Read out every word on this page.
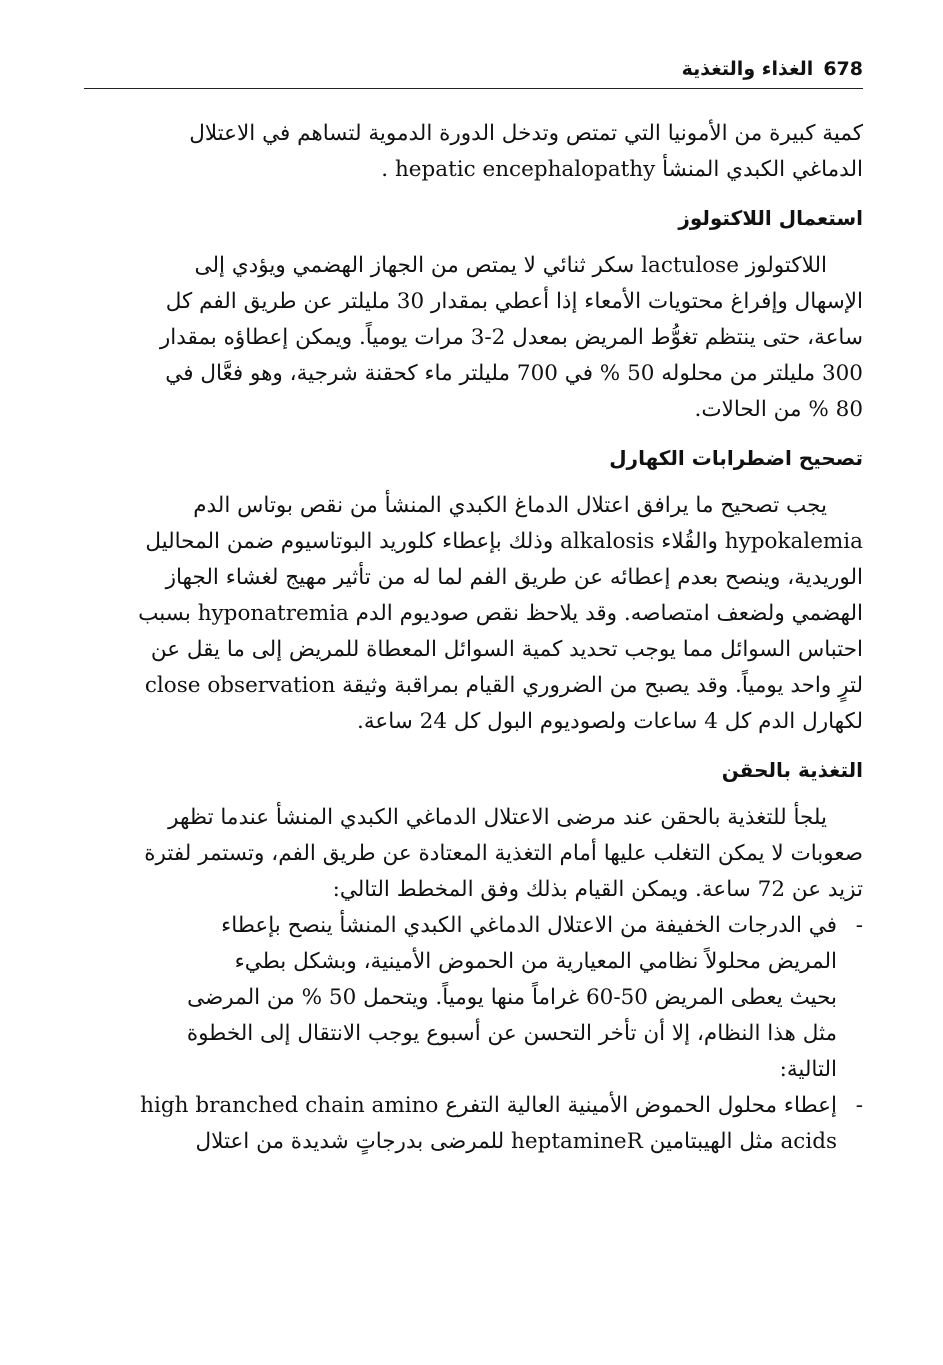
678الغذاء والتغذية
كمية كبيرة من الأمونيا التي تمتص وتدخل الدورة الدموية لتساهم في الاعتلال
الدماغي الكبدي المنشأ hepatic encephalopathy .
استعمال اللاكتولوز
اللاكتولوز lactulose سكر ثنائي لا يمتص من الجهاز الهضمي ويؤدي إلى
الإسهال وإفراغ محتويات الأمعاء إذا أعطي بمقدار 30 مليلتر عن طريق الفم كل
ساعة، حتى ينتظم تغوُّط المريض بمعدل 2-3 مرات يومياً. ويمكن إعطاؤه بمقدار
300 مليلتر من محلوله 50 % في 700 مليلتر ماء كحقنة شرجية، وهو فعَّال في
80 % من الحالات.
تصحيح اضطرابات الكهارل
يجب تصحيح ما يرافق اعتلال الدماغ الكبدي المنشأ من نقص بوتاس الدم
hypokalemia والقُلاء alkalosis وذلك بإعطاء كلوريد البوتاسيوم ضمن المحاليل
الوريدية، وينصح بعدم إعطائه عن طريق الفم لما له من تأثير مهيج لغشاء الجهاز
الهضمي ولضعف امتصاصه. وقد يلاحظ نقص صوديوم الدم hyponatremia بسبب
احتباس السوائل مما يوجب تحديد كمية السوائل المعطاة للمريض إلى ما يقل عن
لترٍ واحد يومياً. وقد يصبح من الضروري القيام بمراقبة وثيقة close observation
لكهارل الدم كل 4 ساعات ولصوديوم البول كل 24 ساعة.
التغذية بالحقن
يلجأ للتغذية بالحقن عند مرضى الاعتلال الدماغي الكبدي المنشأ عندما تظهر
صعوبات لا يمكن التغلب عليها أمام التغذية المعتادة عن طريق الفم، وتستمر لفترة
تزيد عن 72 ساعة. ويمكن القيام بذلك وفق المخطط التالي:
-
في الدرجات الخفيفة من الاعتلال الدماغي الكبدي المنشأ ينصح بإعطاء
المريض محلولاً نظامي المعيارية من الحموض الأمينية، وبشكل بطيء
بحيث يعطى المريض 50-60 غراماً منها يومياً. ويتحمل 50 % من المرضى
مثل هذا النظام، إلا أن تأخر التحسن عن أسبوع يوجب الانتقال إلى الخطوة
التالية:
-
إعطاء محلول الحموض الأمينية العالية التفرع high branched chain amino
acids مثل الهيبتامين heptamineR للمرضى بدرجاتٍ شديدة من اعتلال
